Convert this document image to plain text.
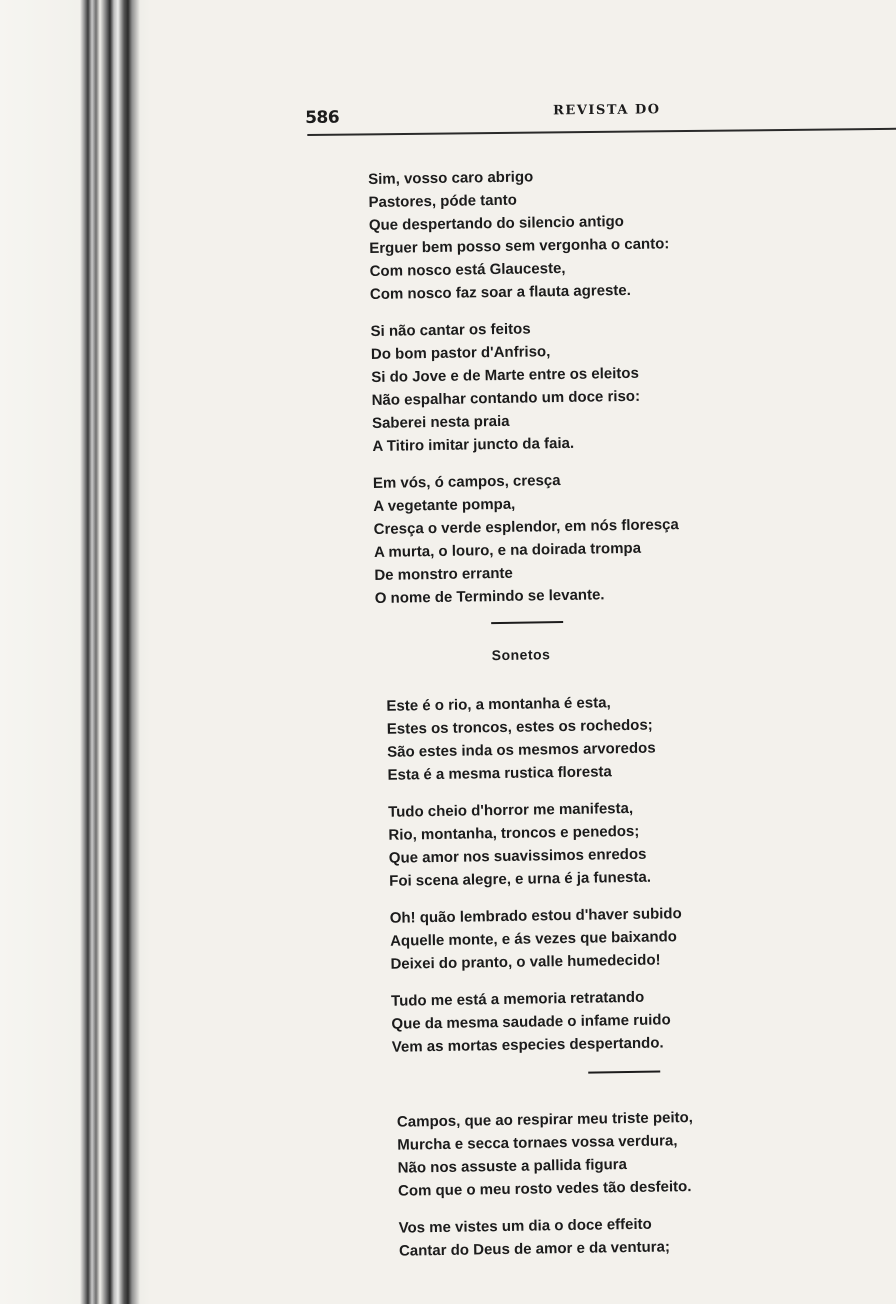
586	REVISTA DO
Sim, vosso caro abrigo
Pastores, póde tanto
Que despertando do silencio antigo
Erguer bem posso sem vergonha o canto:
Com nosco está Glauceste,
Com nosco faz soar a flauta agreste.
Si não cantar os feitos
Do bom pastor d'Anfriso,
Si do Jove e de Marte entre os eleitos
Não espalhar contando um doce riso:
Saberei nesta praia
A Titiro imitar juncto da faia.
Em vós, ó campos, cresça
A vegetante pompa,
Cresça o verde esplendor, em nós floresça
A murta, o louro, e na doirada trompa
De monstro errante
O nome de Termindo se levante.
Sonetos
Este é o rio, a montanha é esta,
Estes os troncos, estes os rochedos;
São estes inda os mesmos arvoredos
Esta é a mesma rustica floresta
Tudo cheio d'horror me manifesta,
Rio, montanha, troncos e penedos;
Que amor nos suavissimos enredos
Foi scena alegre, e urna é ja funesta.
Oh! quão lembrado estou d'haver subido
Aquelle monte, e ás vezes que baixando
Deixei do pranto, o valle humedecido!
Tudo me está a memoria retratando
Que da mesma saudade o infame ruido
Vem as mortas especies despertando.
Campos, que ao respirar meu triste peito,
Murcha e secca tornaes vossa verdura,
Não nos assuste a pallida figura
Com que o meu rosto vedes tão desfeito.
Vos me vistes um dia o doce effeito
Cantar do Deus de amor e da ventura;
